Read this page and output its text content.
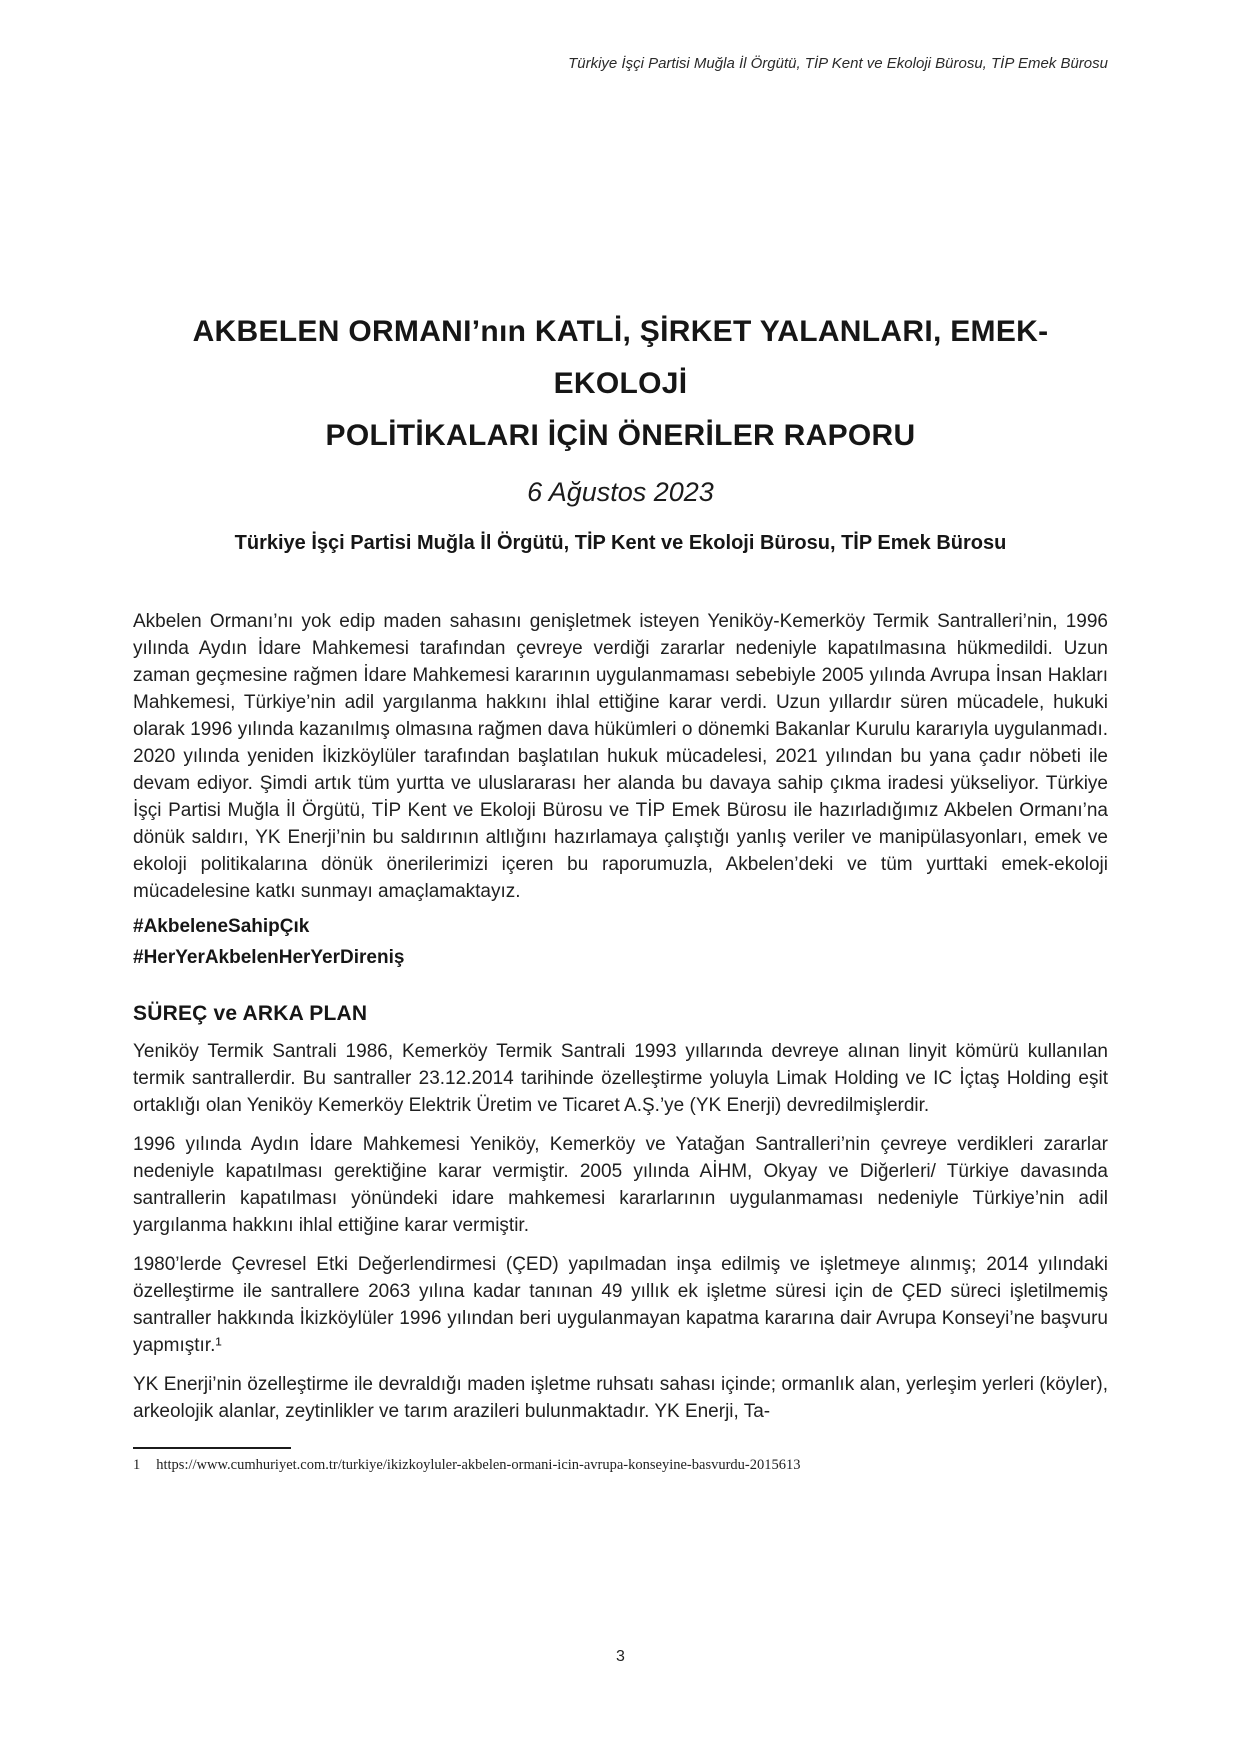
Türkiye İşçi Partisi Muğla İl Örgütü, TİP Kent ve Ekoloji Bürosu, TİP Emek Bürosu
AKBELEN ORMANI’nın KATLİ, ŞİRKET YALANLARI, EMEK-EKOLOJİ
POLİTİKALARI İÇİN ÖNERİLER RAPORU
6 Ağustos 2023
Türkiye İşçi Partisi Muğla İl Örgütü, TİP Kent ve Ekoloji Bürosu, TİP Emek Bürosu

Akbelen Ormanı’nı yok edip maden sahasını genişletmek isteyen Yeniköy-Kemerköy Termik Santralleri’nin, 1996 yılında Aydın İdare Mahkemesi tarafından çevreye verdiği zararlar nedeniyle kapatılmasına hükmedildi. Uzun zaman geçmesine rağmen İdare Mahkemesi kararının uygulanmaması sebebiyle 2005 yılında Avrupa İnsan Hakları Mahkemesi, Türkiye’nin adil yargılanma hakkını ihlal ettiğine karar verdi. Uzun yıllardır süren mücadele, hukuki olarak 1996 yılında kazanılmış olmasına rağmen dava hükümleri o dönemki Bakanlar Kurulu kararıyla uygulanmadı. 2020 yılında yeniden İkizköylüler tarafından başlatılan hukuk mücadelesi, 2021 yılından bu yana çadır nöbeti ile devam ediyor. Şimdi artık tüm yurtta ve uluslararası her alanda bu davaya sahip çıkma iradesi yükseliyor. Türkiye İşçi Partisi Muğla İl Örgütü, TİP Kent ve Ekoloji Bürosu ve TİP Emek Bürosu ile hazırladığımız Akbelen Ormanı’na dönük saldırı, YK Enerji’nin bu saldırının altlığını hazırlamaya çalıştığı yanlış veriler ve manipülasyonları, emek ve ekoloji politikalarına dönük önerilerimizi içeren bu raporumuzla, Akbelen’deki ve tüm yurttaki emek-ekoloji mücadelesine katkı sunmayı amaçlamaktayız.

#AkbeleneSahipÇık

#HerYerAkbelenHerYerDireniş

SÜREÇ ve ARKA PLAN

Yeniköy Termik Santrali 1986, Kemerköy Termik Santrali 1993 yıllarında devreye alınan linyit kömürü kullanılan termik santrallerdir. Bu santraller 23.12.2014 tarihinde özelleştirme yoluyla Limak Holding ve IC İçtaş Holding eşit ortaklığı olan Yeniköy Kemerköy Elektrik Üretim ve Ticaret A.Ş.’ye (YK Enerji) devredilmişlerdir.

1996 yılında Aydın İdare Mahkemesi Yeniköy, Kemerköy ve Yatağan Santralleri’nin çevreye verdikleri zararlar nedeniyle kapatılması gerektiğine karar vermiştir. 2005 yılında AİHM, Okyay ve Diğerleri/ Türkiye davasında santrallerin kapatılması yönündeki idare mahkemesi kararlarının uygulanmaması nedeniyle Türkiye’nin adil yargılanma hakkını ihlal ettiğine karar vermiştir.

1980’lerde Çevresel Etki Değerlendirmesi (ÇED) yapılmadan inşa edilmiş ve işletmeye alınmış; 2014 yılındaki özelleştirme ile santrallere 2063 yılına kadar tanınan 49 yıllık ek işletme süresi için de ÇED süreci işletilmemiş santraller hakkında İkizköylüler 1996 yılından beri uygulanmayan kapatma kararına dair Avrupa Konseyi’ne başvuru yapmıştır.¹

YK Enerji’nin özelleştirme ile devraldığı maden işletme ruhsatı sahası içinde; ormanlık alan, yerleşim yerleri (köyler), arkeolojik alanlar, zeytinlikler ve tarım arazileri bulunmaktadır. YK Enerji, Ta-

1 https://www.cumhuriyet.com.tr/turkiye/ikizkoyluler-akbelen-ormani-icin-avrupa-konseyine-basvurdu-2015613
3
